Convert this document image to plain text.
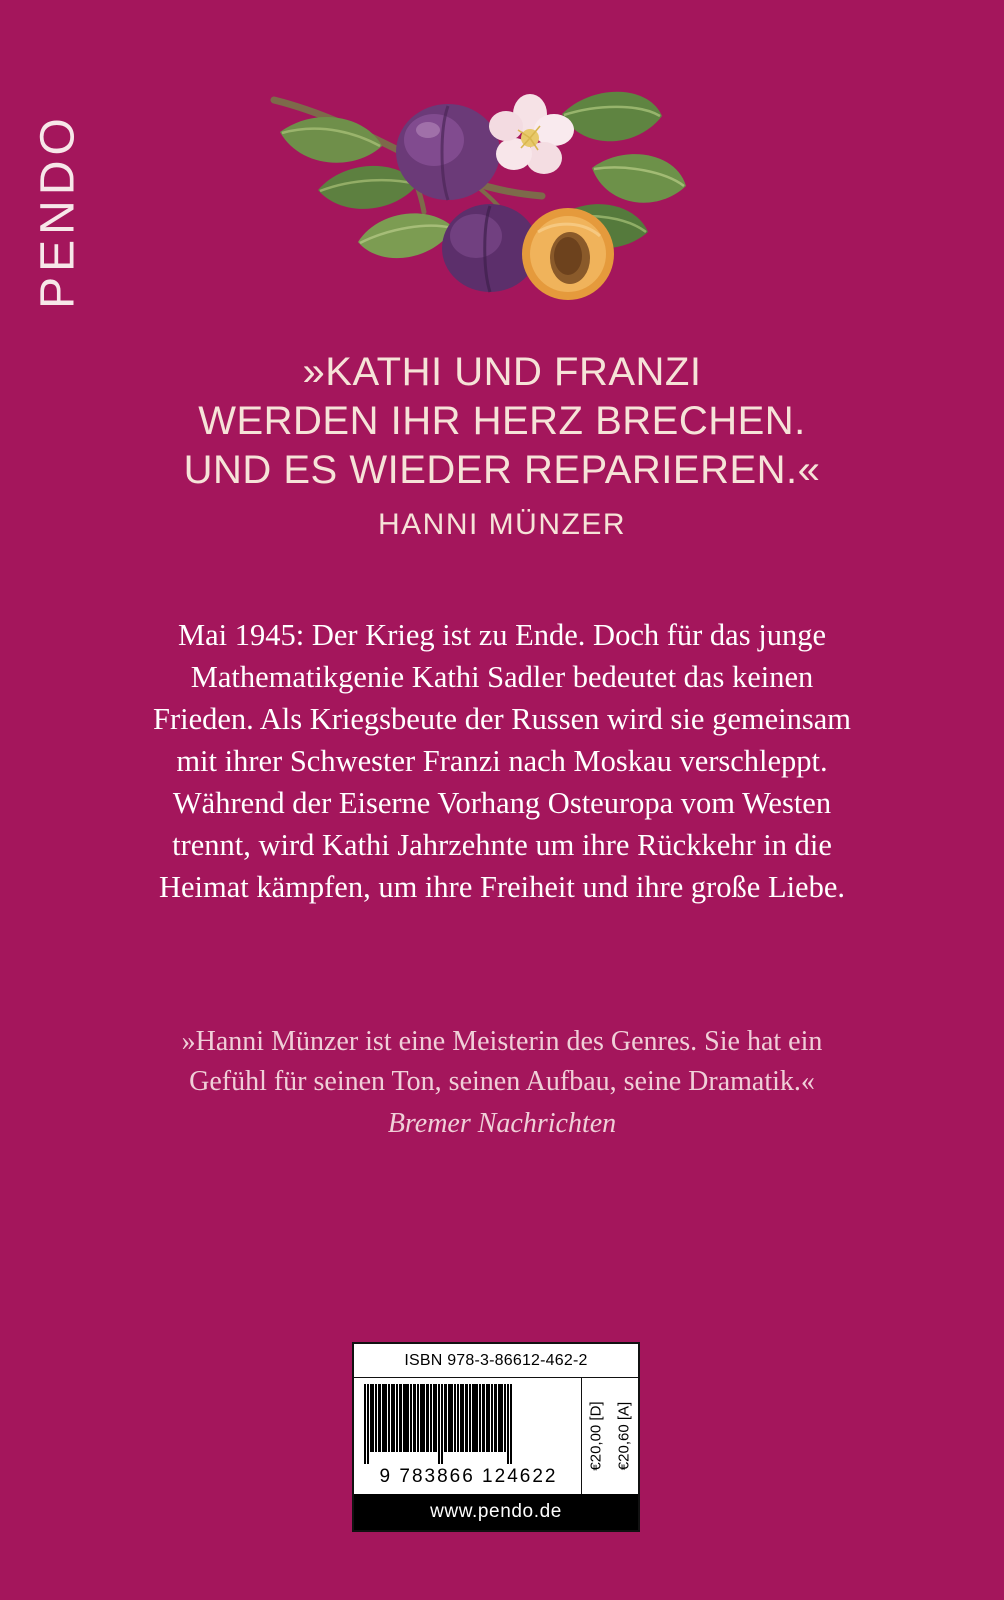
PENDO
»KATHI UND FRANZI
WERDEN IHR HERZ BRECHEN.
UND ES WIEDER REPARIEREN.«
HANNI MÜNZER

Mai 1945: Der Krieg ist zu Ende. Doch für das junge Mathematikgenie Kathi Sadler bedeutet das keinen Frieden. Als Kriegsbeute der Russen wird sie gemeinsam mit ihrer Schwester Franzi nach Moskau verschleppt. Während der Eiserne Vorhang Osteuropa vom Westen trennt, wird Kathi Jahrzehnte um ihre Rückkehr in die Heimat kämpfen, um ihre Freiheit und ihre große Liebe.

»Hanni Münzer ist eine Meisterin des Genres. Sie hat ein Gefühl für seinen Ton, seinen Aufbau, seine Dramatik.«

Bremer Nachrichten

ISBN 978-3-86612-462-2
9 783866 124622
€20,00 [D] €20,60 [A]
www.pendo.de
